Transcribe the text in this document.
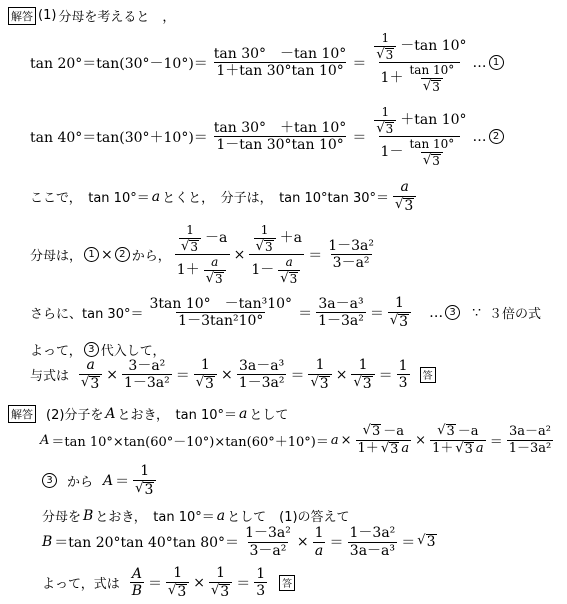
解答 (1) 分母を考えると　，
$\tan 20^\circ=\tan(30^\circ-10^\circ)= \frac{\tan 30^\circ -\tan 10^\circ}{1+\tan 30^\circ\tan 10^\circ} = \frac{\frac{1}{√ 3} -\tan 10^\circ}{1+ \frac{\tan 10^\circ}{√ 3}}$ … 1
$\tan 40^\circ=\tan(30^\circ+10^\circ)= \frac{\tan 30^\circ +\tan 10^\circ}{1-\tan 30^\circ\tan 10^\circ} = \frac{\frac{1}{√ 3} +\tan 10^\circ}{1- \frac{\tan 10^\circ}{√ 3}}$ … 2
ここで，　tan 10°＝ a とくと，　分子は，　tan 10°tan $30^\circ= \frac{a}{√ 3}$
分母は， 1 × 2 から， $\frac{\frac{1}{√ 3} -a}{1+ \frac{a}{√ 3}} \times \frac{\frac{1}{√ 3} +a}{1- \frac{a}{√ 3}} = \frac{\text{1－3a²}}{\text{3－a²}}$
さらに、$\tan 30^\circ= \frac{\text{3tan 10°　－tan³10°}}{\text{1－3tan²10°}} = \frac{\text{3a－a³}}{\text{1－3a²}} = \frac{1}{√ 3}$ … 3	∵ ３倍の式
よって， 3 代入して，
与式は $\frac{a}{√ 3} \times \frac{\text{3－a²}}{\text{1－3a²}} = \frac{1}{√ 3} \times \frac{\text{3a－a³}}{\text{1－3a²}} = \frac{1}{√ 3} \times \frac{1}{√ 3} = \frac{1}{3}$	答
解答 (2)分子を A とおき，　tan 10°＝ a として
A ＝tan $10^\circ\times\tan(60^\circ-10^\circ)\times\tan(60^\circ+10^\circ)= a \times \frac{√ 3 -a}{1+ √ 3 a} \times \frac{√ 3 -a}{1+ √ 3 a} = \frac{\text{3a－a²}}{\text{1－3a²}}$
3	から $A = \frac{1}{√ 3}$
分母を B とおき，　tan 10°＝ a として　(1)の答えて
B ＝tan 20°tan 40°tan $80^\circ= \frac{\text{1－3a²}}{\text{3－a²}} \times \frac{1}{a} = \frac{\text{1－3a²}}{\text{3a－a³}}$ ＝ √ 3
よって，式は $\frac{A}{B} = \frac{1}{√ 3} \times \frac{1}{√ 3} = \frac{1}{3}$	答
